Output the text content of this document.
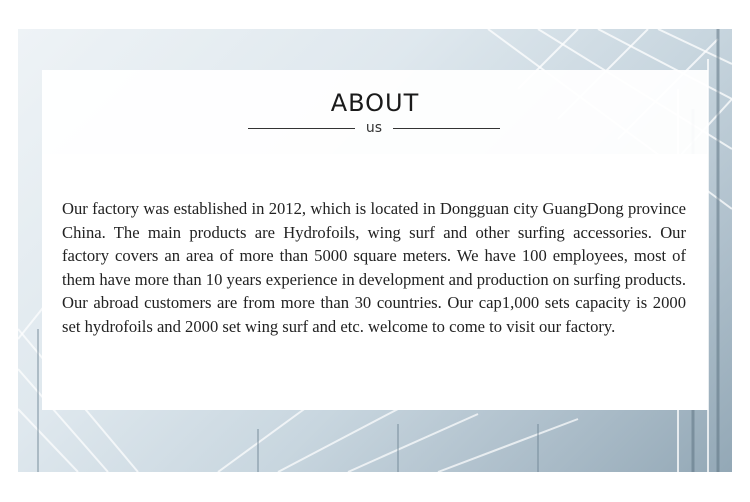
ABOUT
us

Our factory was established in 2012, which is located in Dongguan city GuangDong province China. The main products are Hydrofoils, wing surf and other surfing accessories. Our factory covers an area of more than 5000 square meters. We have 100 employees, most of them have more than 10 years experience in development and production on surfing products. Our abroad customers are from more than 30 countries. Our cap1,000 sets capacity is 2000 set hydrofoils and 2000 set wing surf and etc. welcome to come to visit our factory.
